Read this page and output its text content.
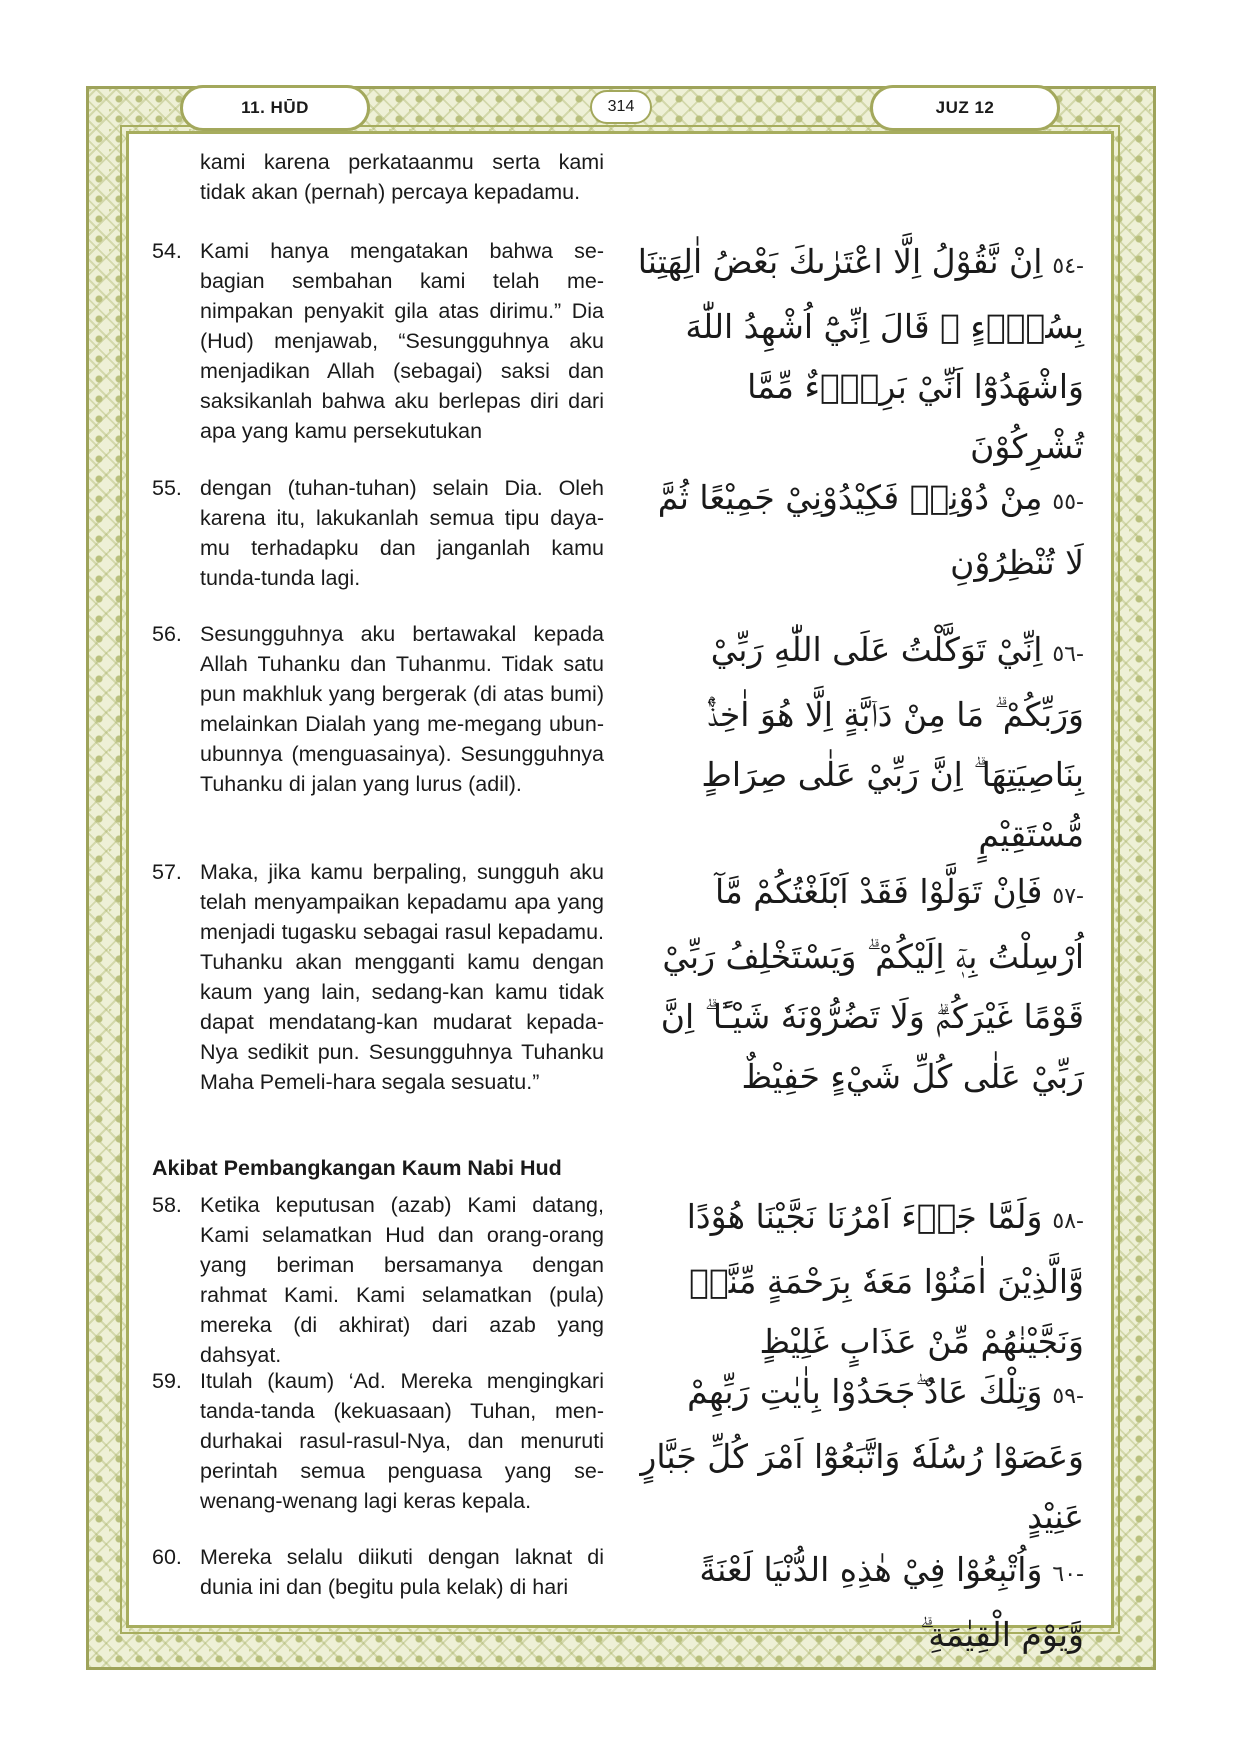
11. HŪD	314	JUZ 12

kami karena perkataanmu serta kami tidak akan (pernah) percaya kepadamu.

54. Kami hanya mengatakan bahwa se-bagian sembahan kami telah me-nimpakan penyakit gila atas dirimu.” Dia (Hud) menjawab, “Sesungguhnya aku menjadikan Allah (sebagai) saksi dan saksikanlah bahwa aku berlepas diri dari apa yang kamu persekutukan

-٥٤اِنْ نَّقُوْلُ اِلَّا اعْتَرٰىكَ بَعْضُ اٰلِهَتِنَا بِسُوْۤءٍ ۗ قَالَ اِنِّيْٓ اُشْهِدُ اللّٰهَ وَاشْهَدُوْٓا اَنِّيْ بَرِيْۤءٌ مِّمَّا تُشْرِكُوْنَ
55. dengan (tuhan-tuhan) selain Dia. Oleh karena itu, lakukanlah semua tipu daya-mu terhadapku dan janganlah kamu tunda-tunda lagi.

-٥٥مِنْ دُوْنِهٖ فَكِيْدُوْنِيْ جَمِيْعًا ثُمَّ لَا تُنْظِرُوْنِ
56. Sesungguhnya aku bertawakal kepada Allah Tuhanku dan Tuhanmu. Tidak satu pun makhluk yang bergerak (di atas bumi) melainkan Dialah yang me-megang ubun-ubunnya (menguasainya). Sesungguhnya Tuhanku di jalan yang lurus (adil).

-٥٦اِنِّيْ تَوَكَّلْتُ عَلَى اللّٰهِ رَبِّيْ وَرَبِّكُمْ ۗ مَا مِنْ دَاۤبَّةٍ اِلَّا هُوَ اٰخِذٌۢ بِنَاصِيَتِهَا ۗ اِنَّ رَبِّيْ عَلٰى صِرَاطٍ مُّسْتَقِيْمٍ
57. Maka, jika kamu berpaling, sungguh aku telah menyampaikan kepadamu apa yang menjadi tugasku sebagai rasul kepadamu. Tuhanku akan mengganti kamu dengan kaum yang lain, sedang-kan kamu tidak dapat mendatang-kan mudarat kepada-Nya sedikit pun. Sesungguhnya Tuhanku Maha Pemeli-hara segala sesuatu.”

-٥٧فَاِنْ تَوَلَّوْا فَقَدْ اَبْلَغْتُكُمْ مَّآ اُرْسِلْتُ بِهٖٓ اِلَيْكُمْ ۗ وَيَسْتَخْلِفُ رَبِّيْ قَوْمًا غَيْرَكُمْۗ وَلَا تَضُرُّوْنَهٗ شَيْـًٔا ۗ اِنَّ رَبِّيْ عَلٰى كُلِّ شَيْءٍ حَفِيْظٌ
Akibat Pembangkangan Kaum Nabi Hud
58. Ketika keputusan (azab) Kami datang, Kami selamatkan Hud dan orang-orang yang beriman bersamanya dengan rahmat Kami. Kami selamatkan (pula) mereka (di akhirat) dari azab yang dahsyat.

-٥٨وَلَمَّا جَاۤءَ اَمْرُنَا نَجَّيْنَا هُوْدًا وَّالَّذِيْنَ اٰمَنُوْا مَعَهٗ بِرَحْمَةٍ مِّنَّاۚ وَنَجَّيْنٰهُمْ مِّنْ عَذَابٍ غَلِيْظٍ
59. Itulah (kaum) ‘Ad. Mereka mengingkari tanda-tanda (kekuasaan) Tuhan, men-durhakai rasul-rasul-Nya, dan menuruti perintah semua penguasa yang se-wenang-wenang lagi keras kepala.

-٥٩وَتِلْكَ عَادٌ ۖجَحَدُوْا بِاٰيٰتِ رَبِّهِمْ وَعَصَوْا رُسُلَهٗ وَاتَّبَعُوْٓا اَمْرَ كُلِّ جَبَّارٍ عَنِيْدٍ
60. Mereka selalu diikuti dengan laknat di dunia ini dan (begitu pula kelak) di hari	-٦٠وَاُتْبِعُوْا فِيْ هٰذِهِ الدُّنْيَا لَعْنَةً وَّيَوْمَ الْقِيٰمَةِ ۗ
